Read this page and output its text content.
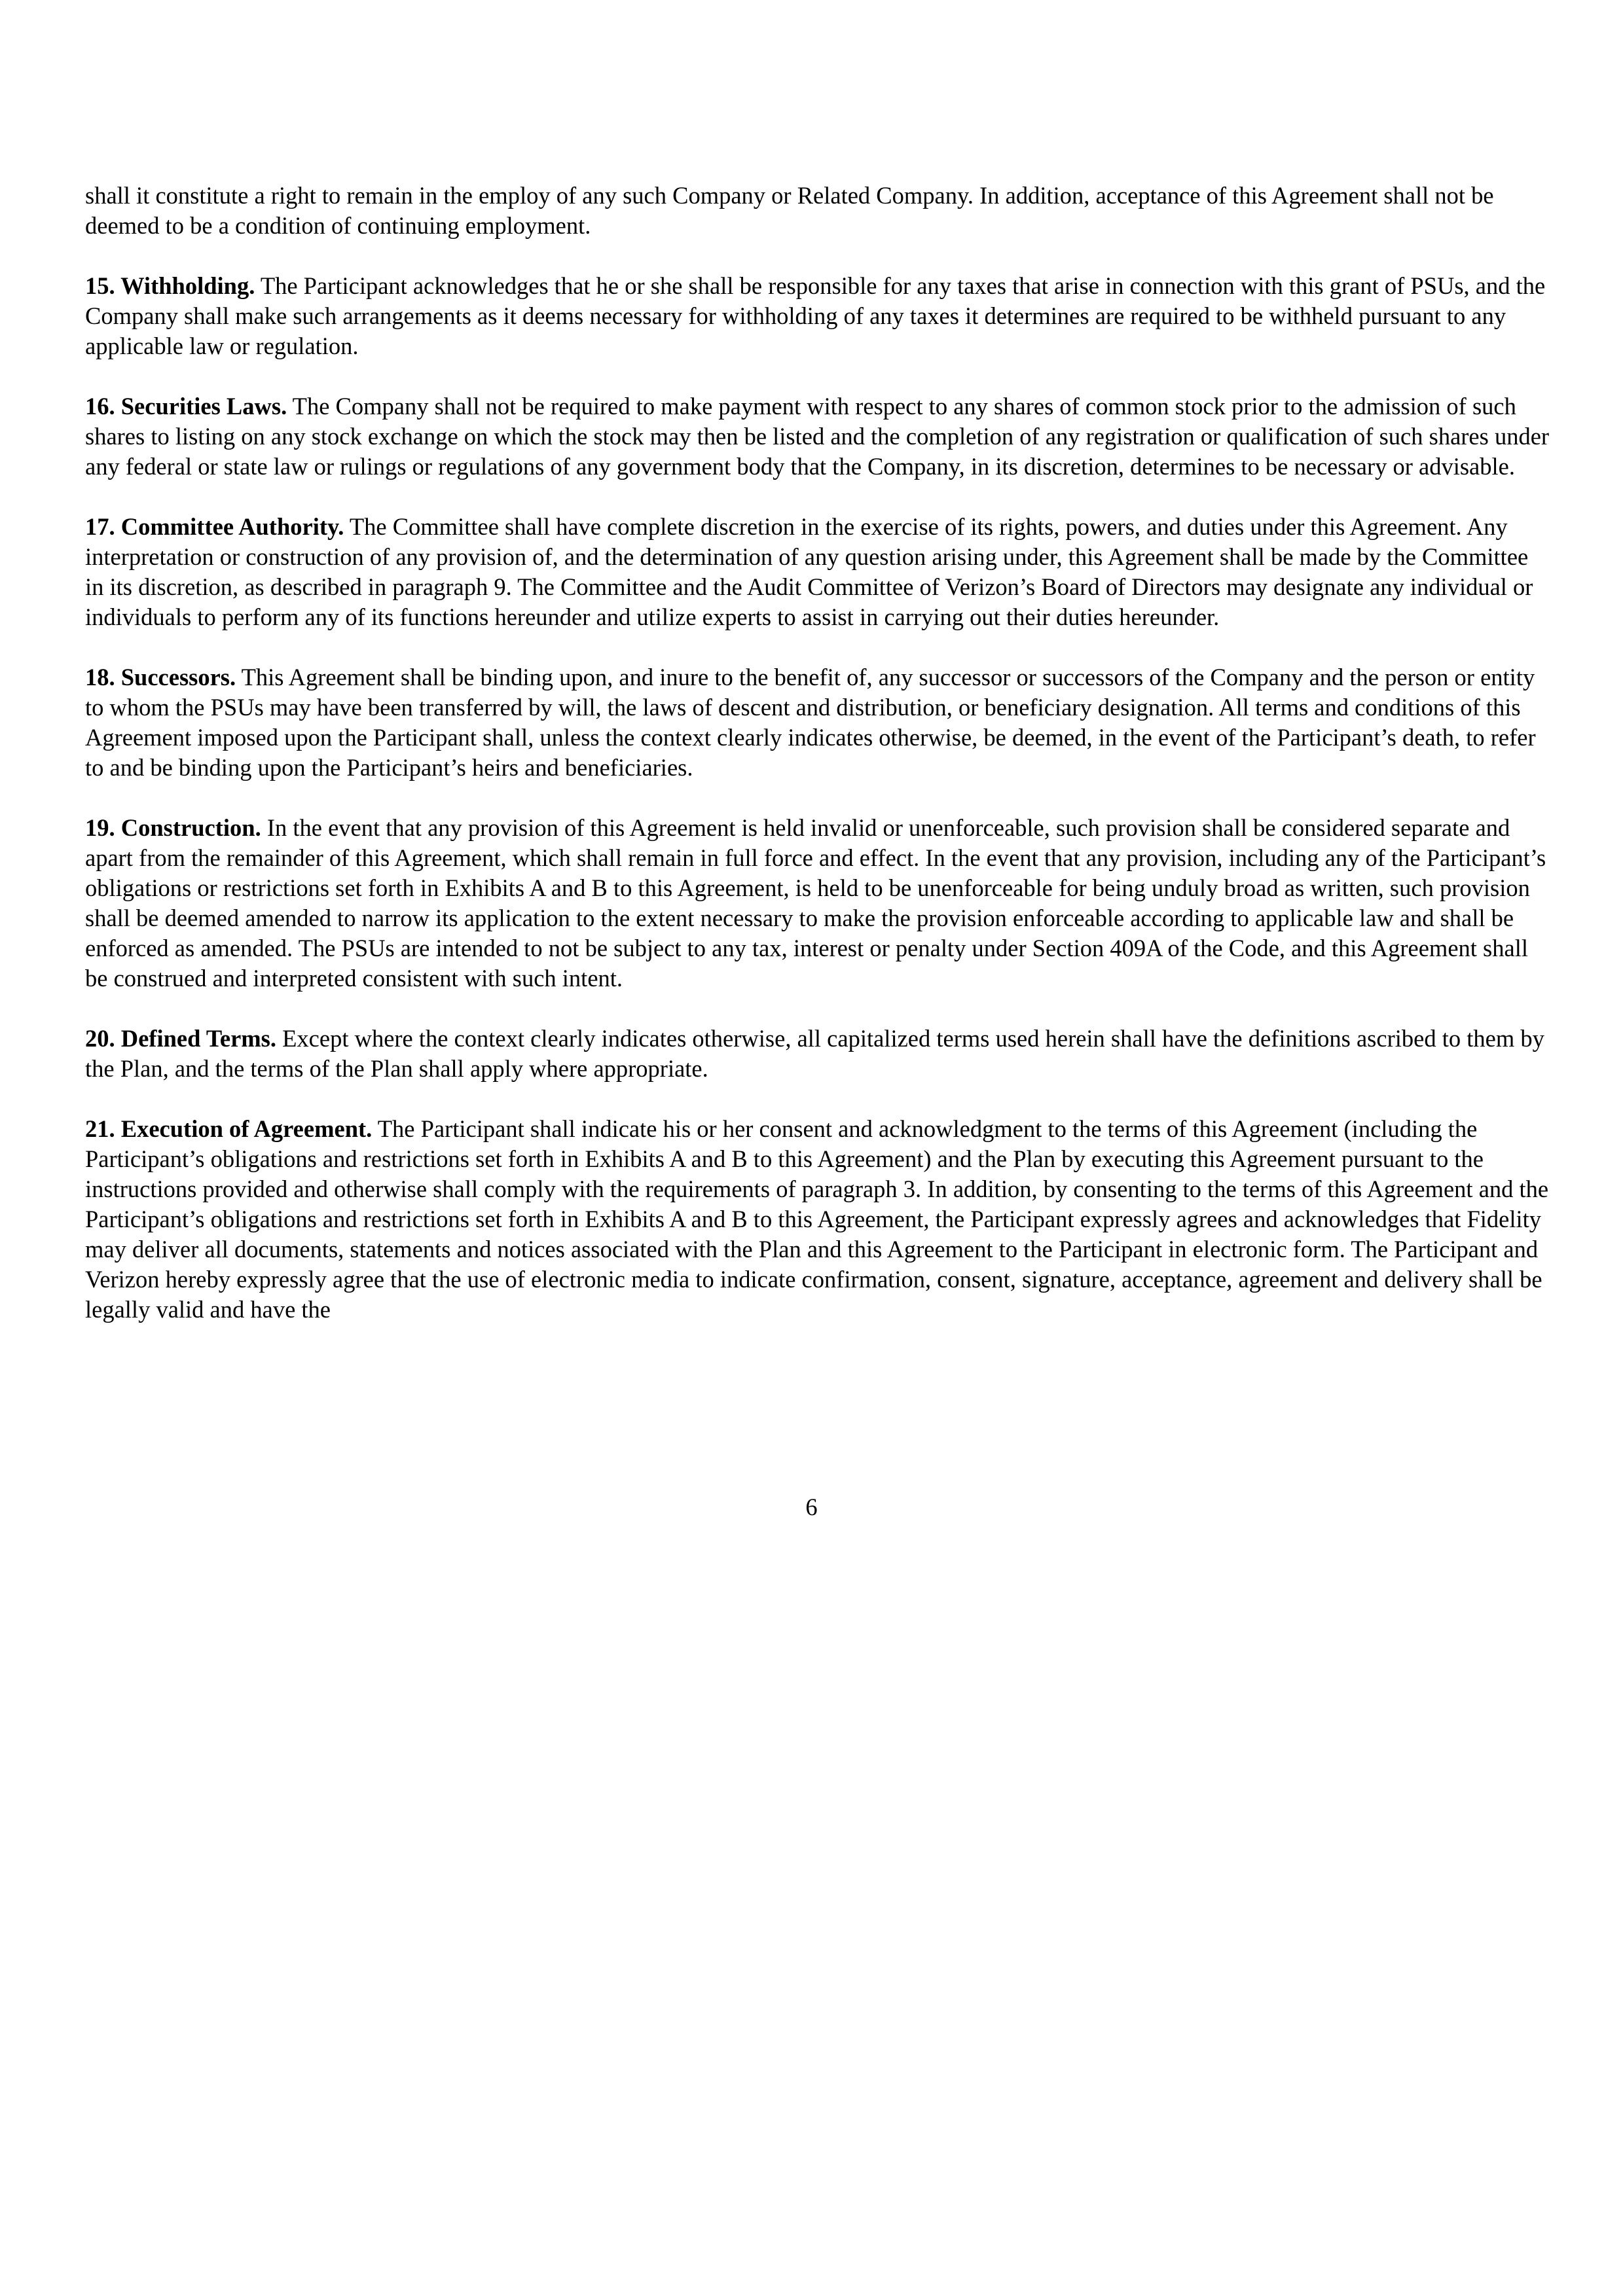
shall it constitute a right to remain in the employ of any such Company or Related Company. In addition, acceptance of this Agreement shall not be deemed to be a condition of continuing employment.

15. Withholding. The Participant acknowledges that he or she shall be responsible for any taxes that arise in connection with this grant of PSUs, and the Company shall make such arrangements as it deems necessary for withholding of any taxes it determines are required to be withheld pursuant to any applicable law or regulation.

16. Securities Laws. The Company shall not be required to make payment with respect to any shares of common stock prior to the admission of such shares to listing on any stock exchange on which the stock may then be listed and the completion of any registration or qualification of such shares under any federal or state law or rulings or regulations of any government body that the Company, in its discretion, determines to be necessary or advisable.

17. Committee Authority. The Committee shall have complete discretion in the exercise of its rights, powers, and duties under this Agreement. Any interpretation or construction of any provision of, and the determination of any question arising under, this Agreement shall be made by the Committee in its discretion, as described in paragraph 9. The Committee and the Audit Committee of Verizon’s Board of Directors may designate any individual or individuals to perform any of its functions hereunder and utilize experts to assist in carrying out their duties hereunder.

18. Successors. This Agreement shall be binding upon, and inure to the benefit of, any successor or successors of the Company and the person or entity to whom the PSUs may have been transferred by will, the laws of descent and distribution, or beneficiary designation. All terms and conditions of this Agreement imposed upon the Participant shall, unless the context clearly indicates otherwise, be deemed, in the event of the Participant’s death, to refer to and be binding upon the Participant’s heirs and beneficiaries.

19. Construction. In the event that any provision of this Agreement is held invalid or unenforceable, such provision shall be considered separate and apart from the remainder of this Agreement, which shall remain in full force and effect. In the event that any provision, including any of the Participant’s obligations or restrictions set forth in Exhibits A and B to this Agreement, is held to be unenforceable for being unduly broad as written, such provision shall be deemed amended to narrow its application to the extent necessary to make the provision enforceable according to applicable law and shall be enforced as amended. The PSUs are intended to not be subject to any tax, interest or penalty under Section 409A of the Code, and this Agreement shall be construed and interpreted consistent with such intent.

20. Defined Terms. Except where the context clearly indicates otherwise, all capitalized terms used herein shall have the definitions ascribed to them by the Plan, and the terms of the Plan shall apply where appropriate.

21. Execution of Agreement. The Participant shall indicate his or her consent and acknowledgment to the terms of this Agreement (including the Participant’s obligations and restrictions set forth in Exhibits A and B to this Agreement) and the Plan by executing this Agreement pursuant to the instructions provided and otherwise shall comply with the requirements of paragraph 3. In addition, by consenting to the terms of this Agreement and the Participant’s obligations and restrictions set forth in Exhibits A and B to this Agreement, the Participant expressly agrees and acknowledges that Fidelity may deliver all documents, statements and notices associated with the Plan and this Agreement to the Participant in electronic form. The Participant and Verizon hereby expressly agree that the use of electronic media to indicate confirmation, consent, signature, acceptance, agreement and delivery shall be legally valid and have the

6
